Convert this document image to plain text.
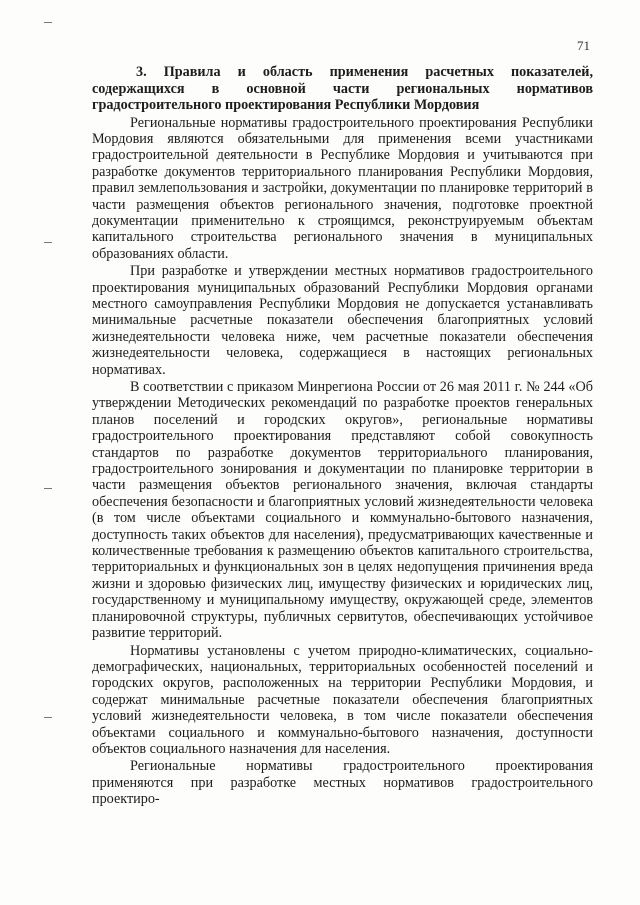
71
3. Правила и область применения расчетных показателей, содержащихся в основной части региональных нормативов градостроительного проектирования Республики Мордовия

Региональные нормативы градостроительного проектирования Республики Мордовия являются обязательными для применения всеми участниками градостроительной деятельности в Республике Мордовия и учитываются при разработке документов территориального планирования Республики Мордовия, правил землепользования и застройки, документации по планировке территорий в части размещения объектов регионального значения, подготовке проектной документации применительно к строящимся, реконструируемым объектам капитального строительства регионального значения в муниципальных образованиях области.

При разработке и утверждении местных нормативов градостроительного проектирования муниципальных образований Республики Мордовия органами местного самоуправления Республики Мордовия не допускается устанавливать минимальные расчетные показатели обеспечения благоприятных условий жизнедеятельности человека ниже, чем расчетные показатели обеспечения жизнедеятельности человека, содержащиеся в настоящих региональных нормативах.

В соответствии с приказом Минрегиона России от 26 мая 2011 г. № 244 «Об утверждении Методических рекомендаций по разработке проектов генеральных планов поселений и городских округов», региональные нормативы градостроительного проектирования представляют собой совокупность стандартов по разработке документов территориального планирования, градостроительного зонирования и документации по планировке территории в части размещения объектов регионального значения, включая стандарты обеспечения безопасности и благоприятных условий жизнедеятельности человека (в том числе объектами социального и коммунально-бытового назначения, доступность таких объектов для населения), предусматривающих качественные и количественные требования к размещению объектов капитального строительства, территориальных и функциональных зон в целях недопущения причинения вреда жизни и здоровью физических лиц, имуществу физических и юридических лиц, государственному и муниципальному имуществу, окружающей среде, элементов планировочной структуры, публичных сервитутов, обеспечивающих устойчивое развитие территорий.

Нормативы установлены с учетом природно-климатических, социально-демографических, национальных, территориальных особенностей поселений и городских округов, расположенных на территории Республики Мордовия, и содержат минимальные расчетные показатели обеспечения благоприятных условий жизнедеятельности человека, в том числе показатели обеспечения объектами социального и коммунально-бытового назначения, доступности объектов социального назначения для населения.

Региональные нормативы градостроительного проектирования применяются при разработке местных нормативов градостроительного проектиро-
